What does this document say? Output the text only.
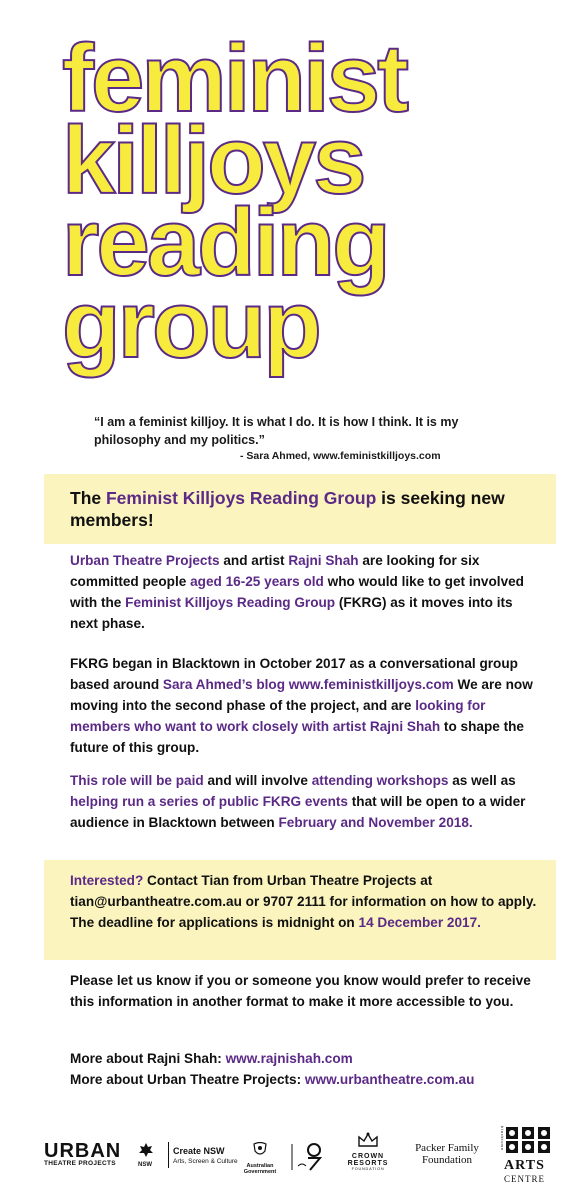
feminist
killjoys
reading
group
“I am a feminist killjoy. It is what I do. It is how I think. It is my philosophy and my politics.”
- Sara Ahmed, www.feministkilljoys.com
The Feminist Killjoys Reading Group is seeking new members!
Urban Theatre Projects and artist Rajni Shah are looking for six committed people aged 16-25 years old who would like to get involved with the Feminist Killjoys Reading Group (FKRG) as it moves into its next phase.
FKRG began in Blacktown in October 2017 as a conversational group based around Sara Ahmed’s blog www.feministkilljoys.com We are now moving into the second phase of the project, and are looking for members who want to work closely with artist Rajni Shah to shape the future of this group.
This role will be paid and will involve attending workshops as well as helping run a series of public FKRG events that will be open to a wider audience in Blacktown between February and November 2018.
Interested? Contact Tian from Urban Theatre Projects at tian@urbantheatre.com.au or 9707 2111 for information on how to apply. The deadline for applications is midnight on 14 December 2017.
Please let us know if you or someone you know would prefer to receive this information in another format to make it more accessible to you.
More about Rajni Shah: www.rajnishah.com
More about Urban Theatre Projects: www.urbantheatre.com.au
URBAN
THEATRE PROJECTS	NSW
Create NSW
Arts, Screen & Culture
Australian Government
CROWN
RESORTS
FOUNDATION
Packer Family
Foundation
blacktown
ARTS
CENTRE
